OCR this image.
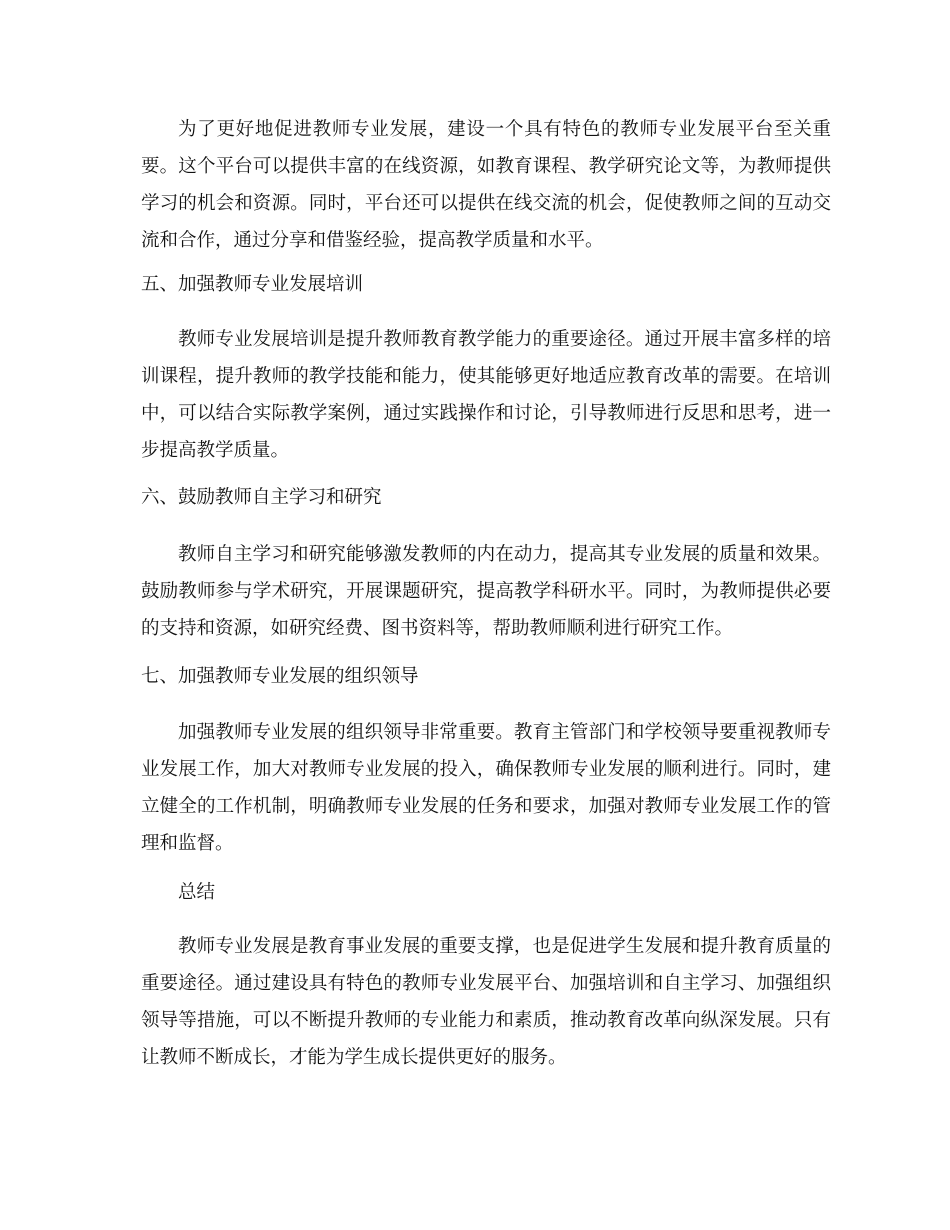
为了更好地促进教师专业发展，建设一个具有特色的教师专业发展平台至关重要。这个平台可以提供丰富的在线资源，如教育课程、教学研究论文等，为教师提供学习的机会和资源。同时，平台还可以提供在线交流的机会，促使教师之间的互动交流和合作，通过分享和借鉴经验，提高教学质量和水平。

五、加强教师专业发展培训

教师专业发展培训是提升教师教育教学能力的重要途径。通过开展丰富多样的培训课程，提升教师的教学技能和能力，使其能够更好地适应教育改革的需要。在培训中，可以结合实际教学案例，通过实践操作和讨论，引导教师进行反思和思考，进一步提高教学质量。

六、鼓励教师自主学习和研究

教师自主学习和研究能够激发教师的内在动力，提高其专业发展的质量和效果。鼓励教师参与学术研究，开展课题研究，提高教学科研水平。同时，为教师提供必要的支持和资源，如研究经费、图书资料等，帮助教师顺利进行研究工作。

七、加强教师专业发展的组织领导

加强教师专业发展的组织领导非常重要。教育主管部门和学校领导要重视教师专业发展工作，加大对教师专业发展的投入，确保教师专业发展的顺利进行。同时，建立健全的工作机制，明确教师专业发展的任务和要求，加强对教师专业发展工作的管理和监督。

总结

教师专业发展是教育事业发展的重要支撑，也是促进学生发展和提升教育质量的重要途径。通过建设具有特色的教师专业发展平台、加强培训和自主学习、加强组织领导等措施，可以不断提升教师的专业能力和素质，推动教育改革向纵深发展。只有让教师不断成长，才能为学生成长提供更好的服务。
